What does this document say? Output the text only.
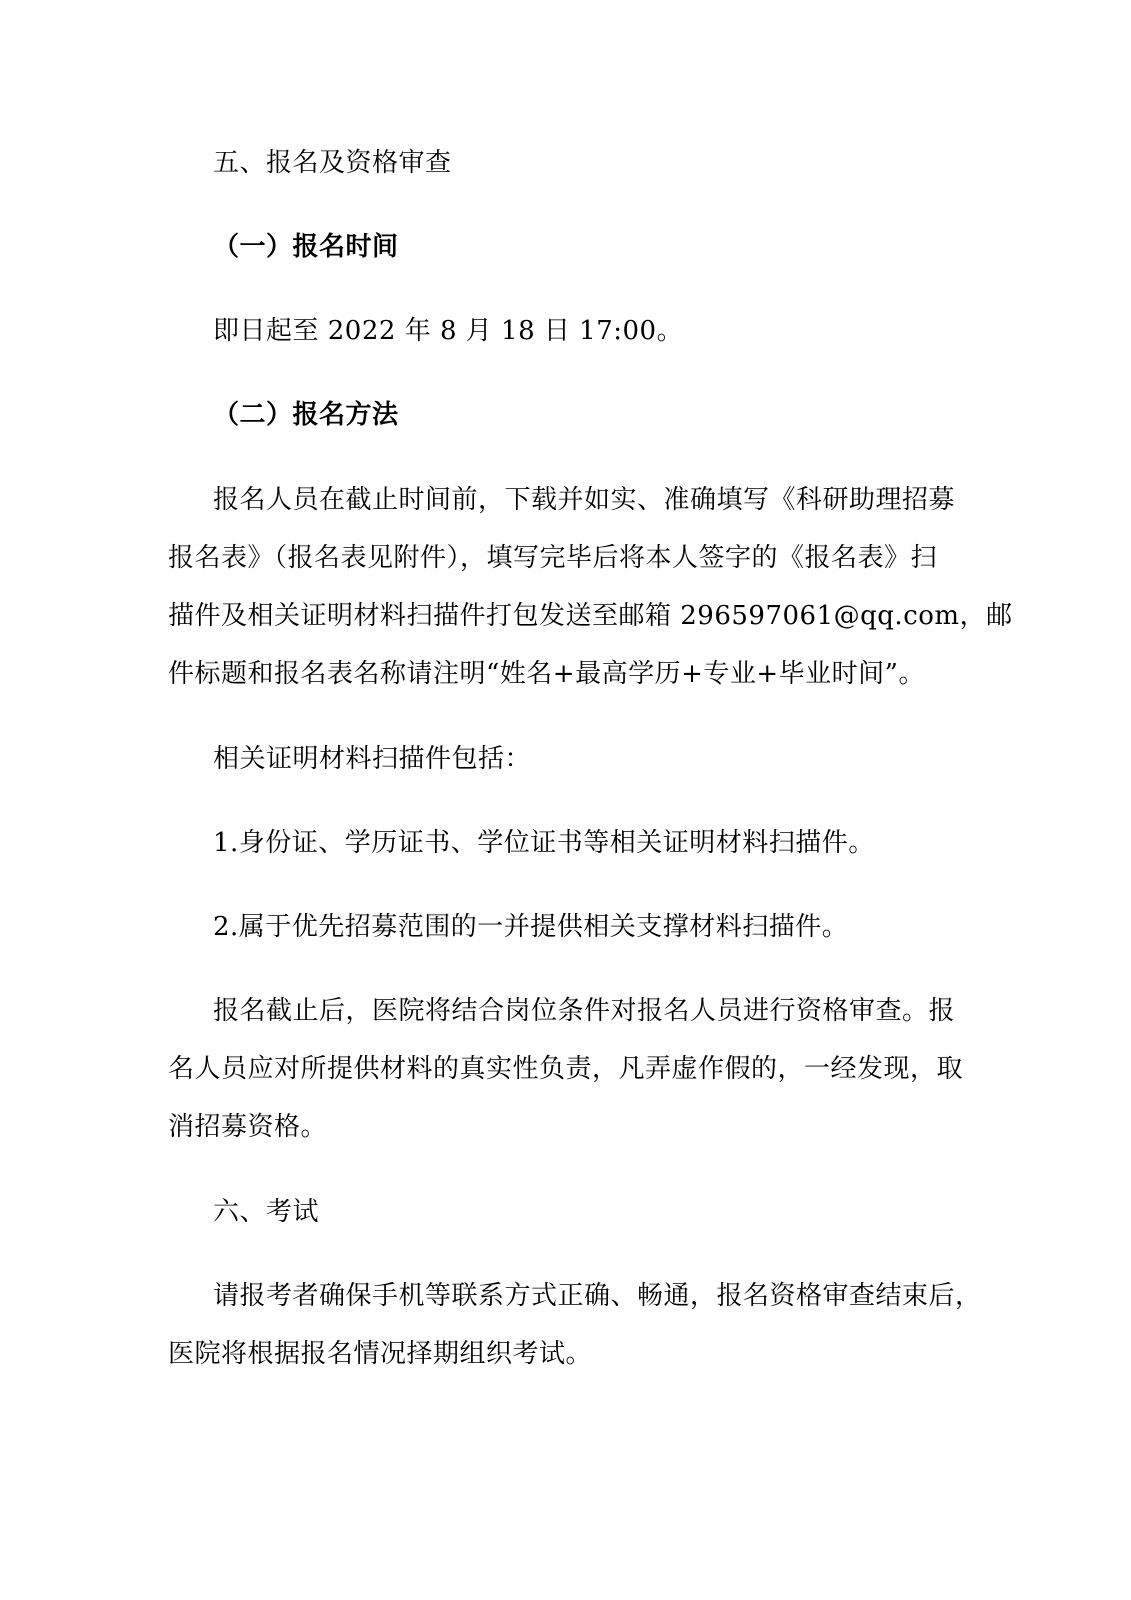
五、报名及资格审查
（一）报名时间
即日起至 2022 年 8 月 18 日 17:00。
（二）报名方法
报名人员在截止时间前，下载并如实、准确填写《科研助理招募
报名表》（报名表见附件），填写完毕后将本人签字的《报名表》扫
描件及相关证明材料扫描件打包发送至邮箱 296597061@qq.com，邮
件标题和报名表名称请注明“姓名+最高学历+专业+毕业时间”。
相关证明材料扫描件包括：
1.身份证、学历证书、学位证书等相关证明材料扫描件。
2.属于优先招募范围的一并提供相关支撑材料扫描件。
报名截止后，医院将结合岗位条件对报名人员进行资格审查。报
名人员应对所提供材料的真实性负责，凡弄虚作假的，一经发现，取
消招募资格。
六、考试
请报考者确保手机等联系方式正确、畅通，报名资格审查结束后，
医院将根据报名情况择期组织考试。
